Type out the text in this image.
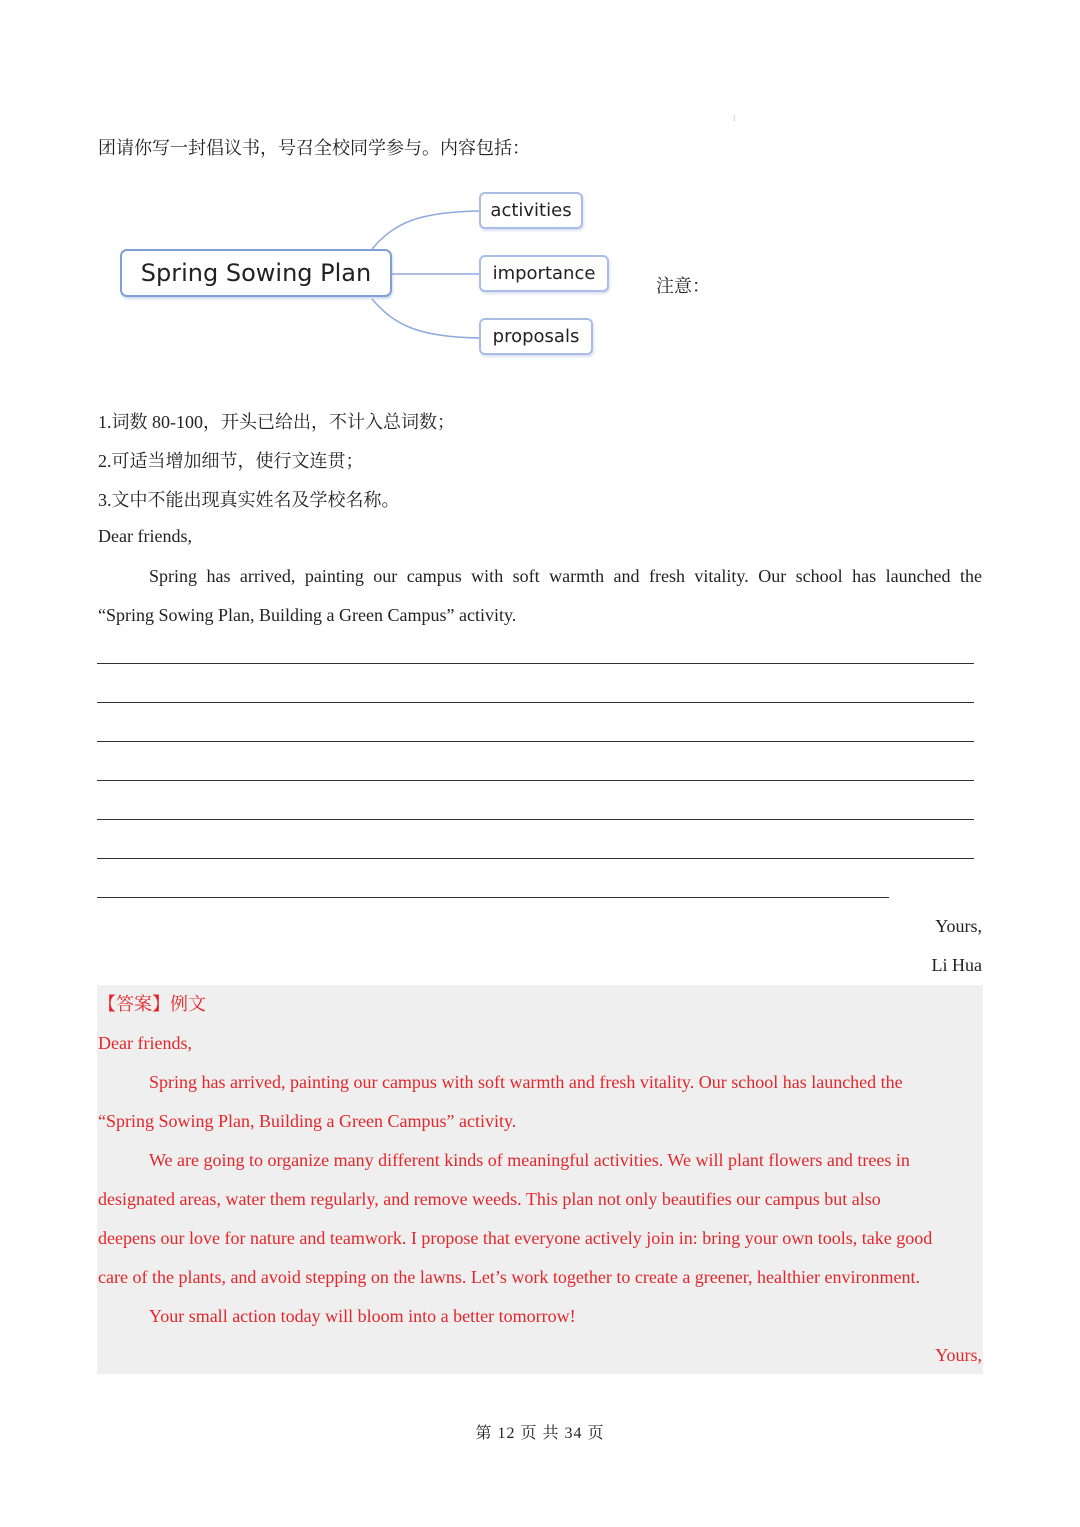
⁝
团请你写一封倡议书，号召全校同学参与。内容包括：
Spring Sowing Plan
activities
importance
proposals
注意：
1.词数 80-100，开头已给出，不计入总词数；
2.可适当增加细节，使行文连贯；
3.文中不能出现真实姓名及学校名称。
Dear friends,
Spring has arrived, painting our campus with soft warmth and fresh vitality. Our school has launched the
“Spring Sowing Plan, Building a Green Campus” activity.
Yours,
Li Hua
【答案】例文
Dear friends,
Spring has arrived, painting our campus with soft warmth and fresh vitality. Our school has launched the
“Spring Sowing Plan, Building a Green Campus” activity.
We are going to organize many different kinds of meaningful activities. We will plant flowers and trees in
designated areas, water them regularly, and remove weeds. This plan not only beautifies our campus but also
deepens our love for nature and teamwork. I propose that everyone actively join in: bring your own tools, take good
care of the plants, and avoid stepping on the lawns. Let’s work together to create a greener, healthier environment.
Your small action today will bloom into a better tomorrow!
Yours,
第 12 页 共 34 页
